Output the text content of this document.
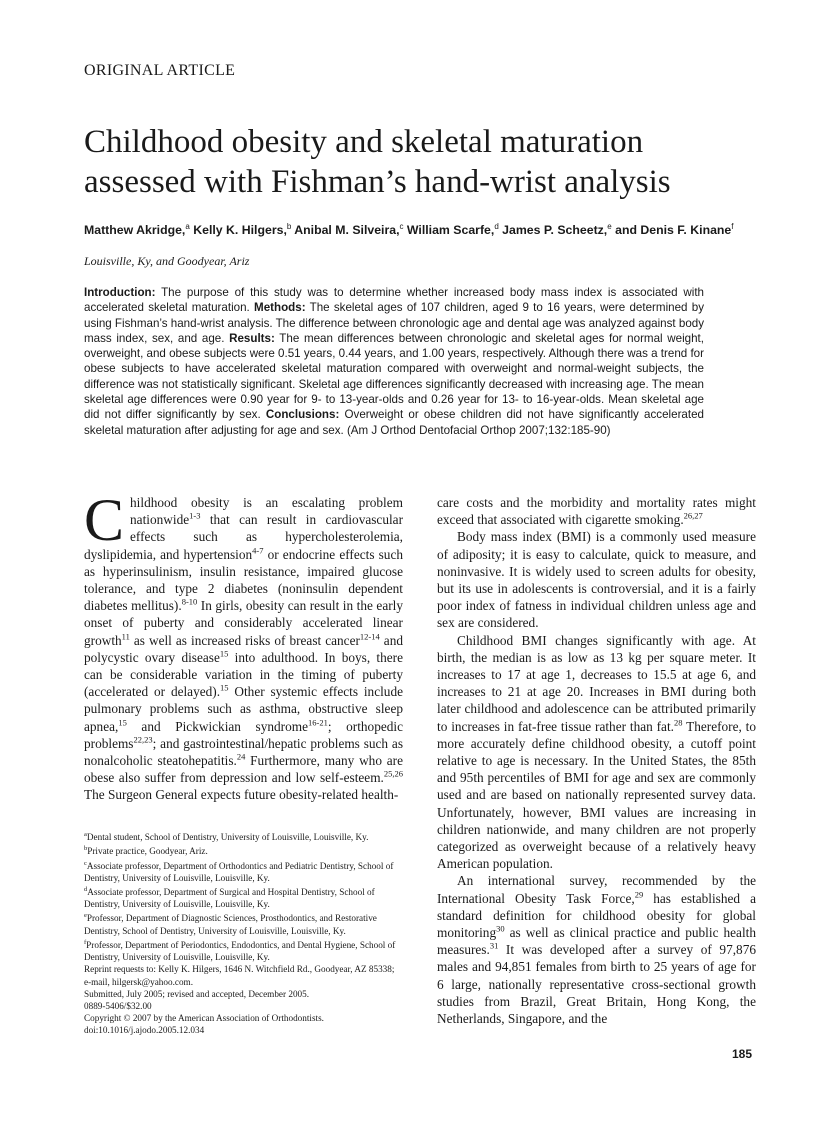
ORIGINAL ARTICLE
Childhood obesity and skeletal maturation
assessed with Fishman’s hand-wrist analysis
Matthew Akridge,$^a$ Kelly K. Hilgers,$^b$ Anibal M. Silveira,$^c$ William Scarfe,$^d$ James P. Scheetz,$^e$ and Denis F. Kinane$^f$
Louisville, Ky, and Goodyear, Ariz
Introduction: The purpose of this study was to determine whether increased body mass index is associated with accelerated skeletal maturation. Methods: The skeletal ages of 107 children, aged 9 to 16 years, were determined by using Fishman’s hand-wrist analysis. The difference between chronologic age and dental age was analyzed against body mass index, sex, and age. Results: The mean differences between chronologic and skeletal ages for normal weight, overweight, and obese subjects were 0.51 years, 0.44 years, and 1.00 years, respectively. Although there was a trend for obese subjects to have accelerated skeletal maturation compared with overweight and normal-weight subjects, the difference was not statistically significant. Skeletal age differences significantly decreased with increasing age. The mean skeletal age differences were 0.90 year for 9- to 13-year-olds and 0.26 year for 13- to 16-year-olds. Mean skeletal age did not differ significantly by sex. Conclusions: Overweight or obese children did not have significantly accelerated skeletal maturation after adjusting for age and sex. (Am J Orthod Dentofacial Orthop 2007;132:185-90)

Childhood obesity is an escalating problem nationwide$^{1-3}$ that can result in cardiovascular effects such as hypercholesterolemia, dyslipidemia, and hypertension$^{4-7}$ or endocrine effects such as hyperinsulinism, insulin resistance, impaired glucose tolerance, and type 2 diabetes (noninsulin dependent diabetes mellitus).$^{8-10}$ In girls, obesity can result in the early onset of puberty and considerably accelerated linear growth$^{11}$ as well as increased risks of breast cancer$^{12-14}$ and polycystic ovary disease$^{15}$ into adulthood. In boys, there can be considerable variation in the timing of puberty (accelerated or delayed).$^{15}$ Other systemic effects include pulmonary problems such as asthma, obstructive sleep apnea,$^{15}$ and Pickwickian syndrome$^{16-21}$; orthopedic problems$^{22,23}$; and gastrointestinal/hepatic problems such as nonalcoholic steatohepatitis.$^{24}$ Furthermore, many who are obese also suffer from depression and low self-esteem.$^{25,26}$ The Surgeon General expects future obesity-related health-

care costs and the morbidity and mortality rates might exceed that associated with cigarette smoking.$^{26,27}$

Body mass index (BMI) is a commonly used measure of adiposity; it is easy to calculate, quick to measure, and noninvasive. It is widely used to screen adults for obesity, but its use in adolescents is controversial, and it is a fairly poor index of fatness in individual children unless age and sex are considered.

Childhood BMI changes significantly with age. At birth, the median is as low as 13 kg per square meter. It increases to 17 at age 1, decreases to 15.5 at age 6, and increases to 21 at age 20. Increases in BMI during both later childhood and adolescence can be attributed primarily to increases in fat-free tissue rather than fat.$^{28}$ Therefore, to more accurately define childhood obesity, a cutoff point relative to age is necessary. In the United States, the 85th and 95th percentiles of BMI for age and sex are commonly used and are based on nationally represented survey data. Unfortunately, however, BMI values are increasing in children nationwide, and many children are not properly categorized as overweight because of a relatively heavy American population.

An international survey, recommended by the International Obesity Task Force,$^{29}$ has established a standard definition for childhood obesity for global monitoring$^{30}$ as well as clinical practice and public health measures.$^{31}$ It was developed after a survey of 97,876 males and 94,851 females from birth to 25 years of age for 6 large, nationally representative cross-sectional growth studies from Brazil, Great Britain, Hong Kong, the Netherlands, Singapore, and the

$^a$Dental student, School of Dentistry, University of Louisville, Louisville, Ky.
$^b$Private practice, Goodyear, Ariz.
$^c$Associate professor, Department of Orthodontics and Pediatric Dentistry, School of Dentistry, University of Louisville, Louisville, Ky.
$^d$Associate professor, Department of Surgical and Hospital Dentistry, School of Dentistry, University of Louisville, Louisville, Ky.
$^e$Professor, Department of Diagnostic Sciences, Prosthodontics, and Restorative Dentistry, School of Dentistry, University of Louisville, Louisville, Ky.
$^f$Professor, Department of Periodontics, Endodontics, and Dental Hygiene, School of Dentistry, University of Louisville, Louisville, Ky.
Reprint requests to: Kelly K. Hilgers, 1646 N. Witchfield Rd., Goodyear, AZ 85338; e-mail, hilgersk@yahoo.com.
Submitted, July 2005; revised and accepted, December 2005.
0889-5406/$32.00
Copyright © 2007 by the American Association of Orthodontists.
doi:10.1016/j.ajodo.2005.12.034
185
